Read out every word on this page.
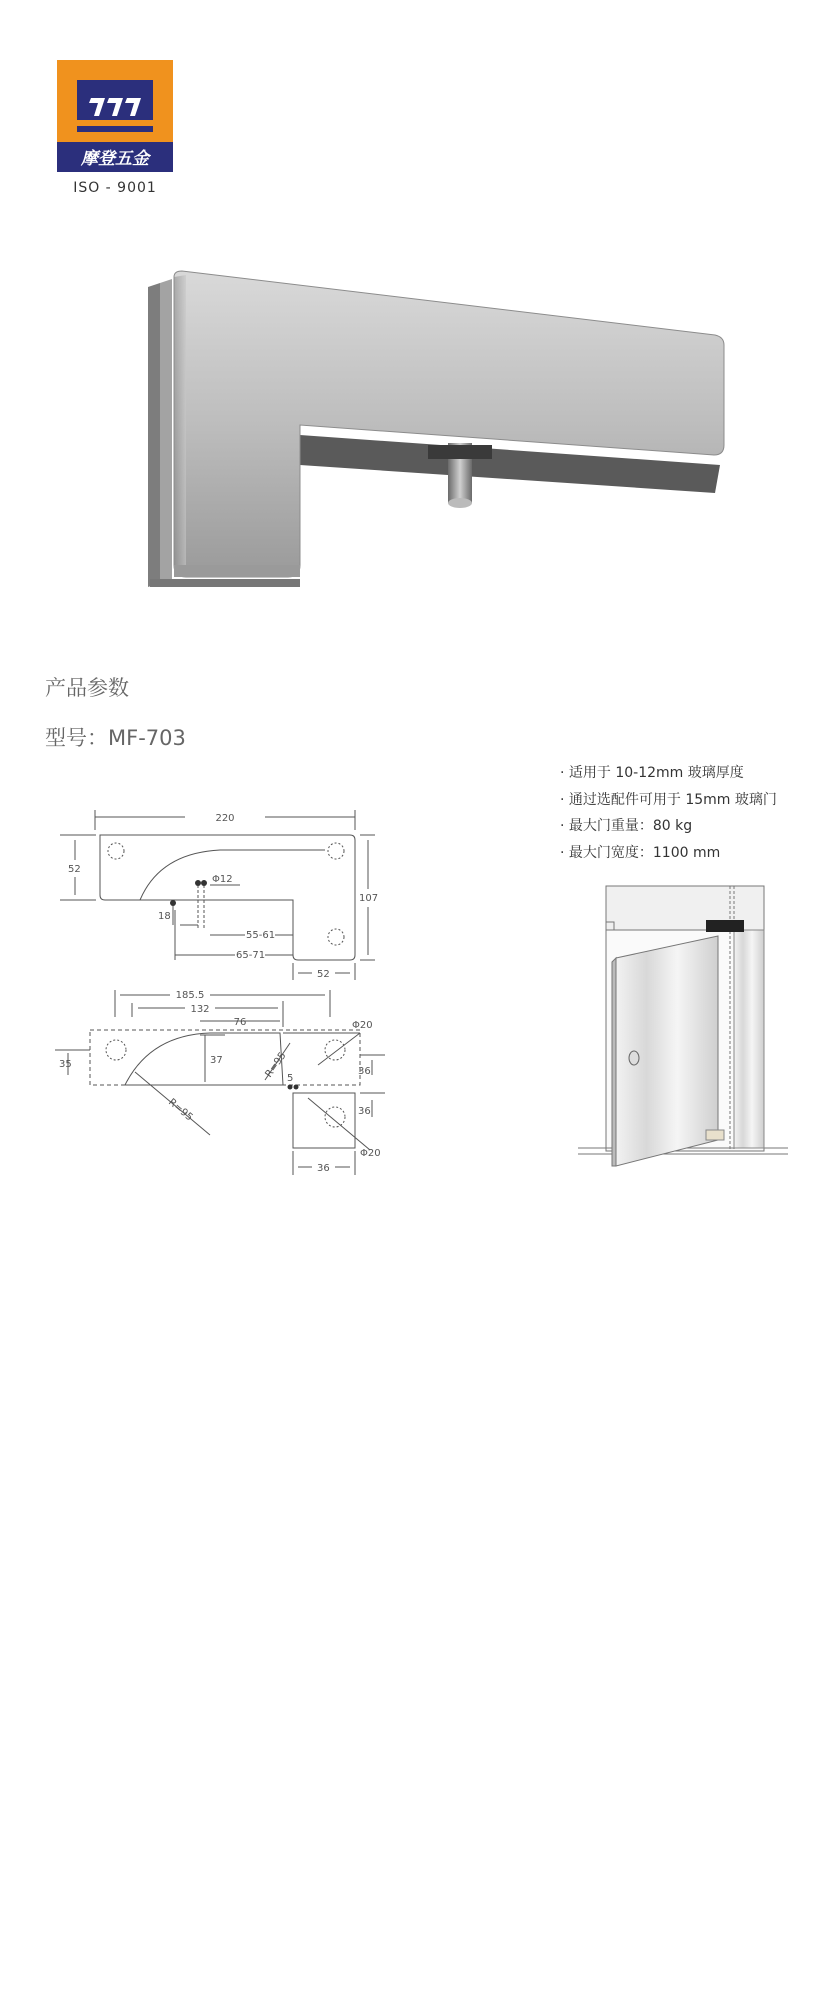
摩登五金
ISO - 9001
产品参数
型号：MF-703
· 适用于 10-12mm 玻璃厚度
· 通过选配件可用于 15mm 玻璃门
· 最大门重量：80 kg
· 最大门宽度：1100 mm
220
52
107
Φ12
18
55-61
65-71
52
185.5
132
76	Φ20
35	37	R=95
R=95
5
36
36
Φ20
36
